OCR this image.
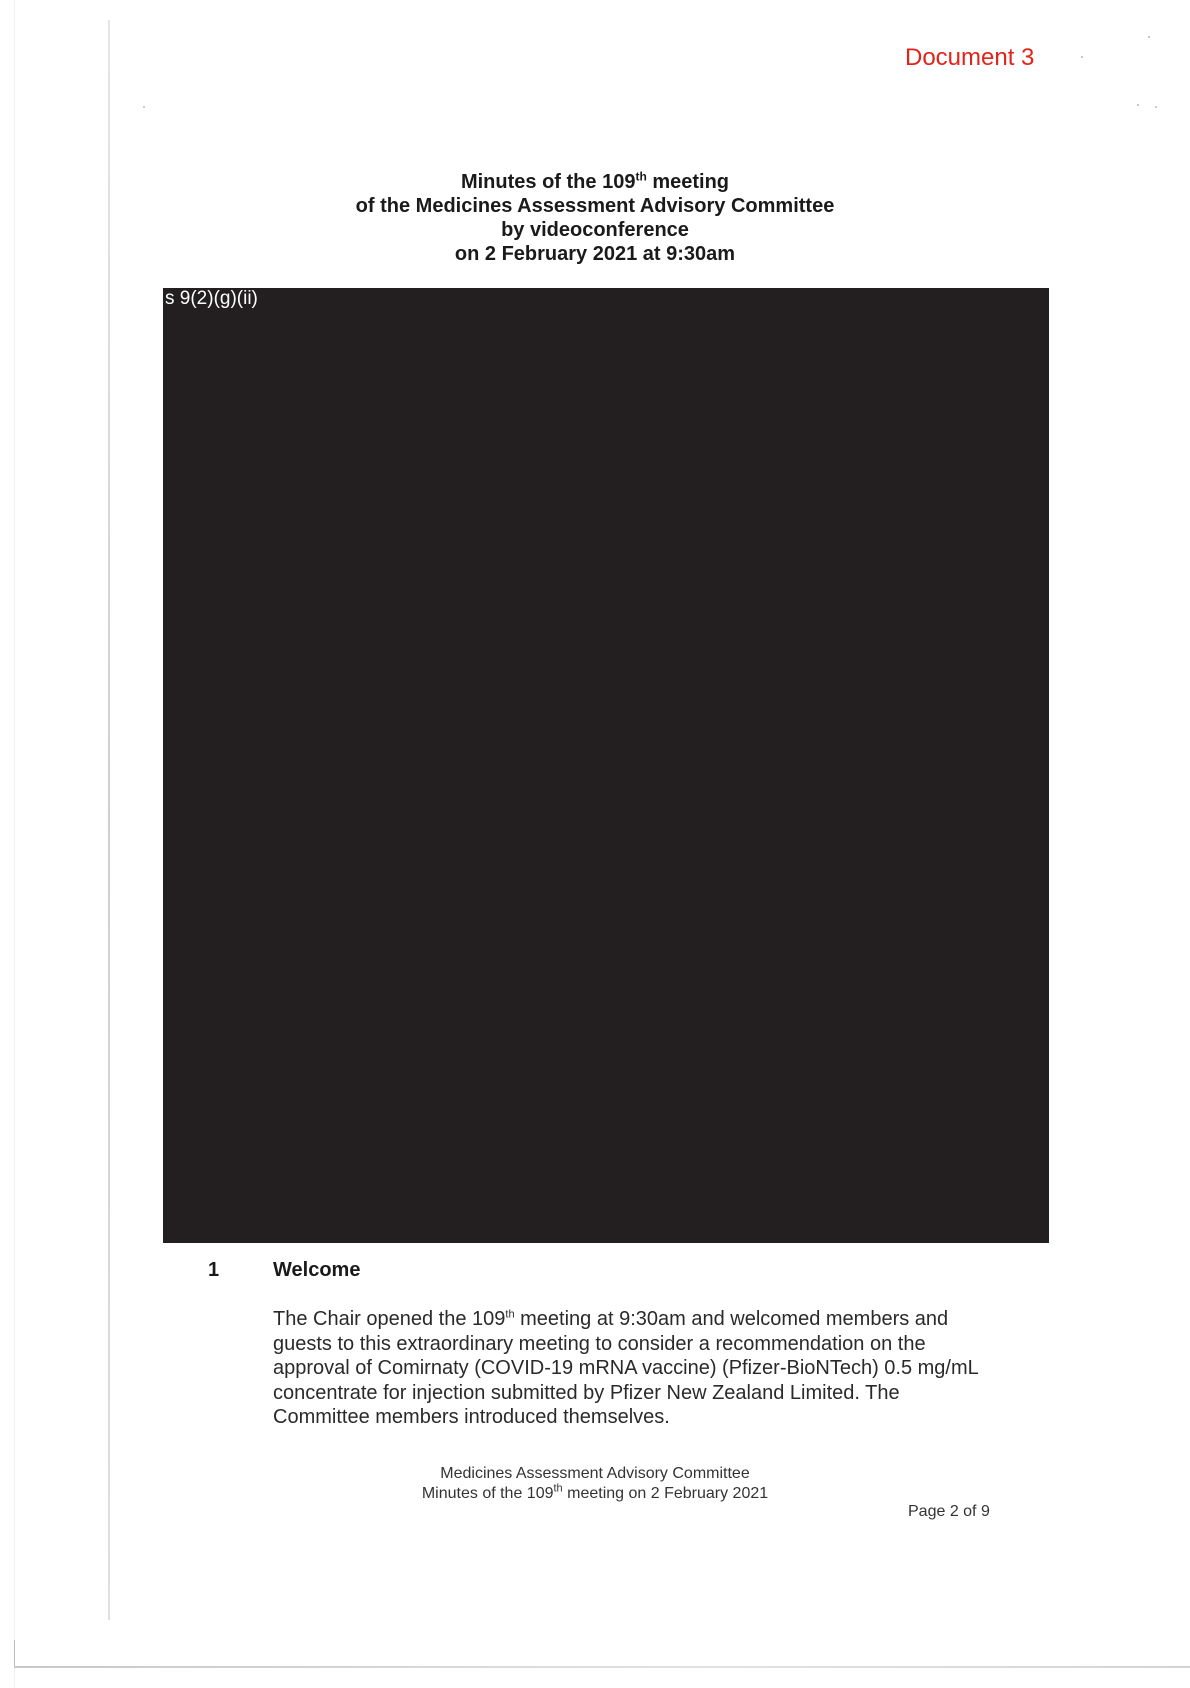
Document 3
Minutes of the 109th meeting
of the Medicines Assessment Advisory Committee
by videoconference
on 2 February 2021 at 9:30am
s 9(2)(g)(ii)
1	Welcome
The Chair opened the 109th meeting at 9:30am and welcomed members and guests to this extraordinary meeting to consider a recommendation on the approval of Comirnaty (COVID-19 mRNA vaccine) (Pfizer-BioNTech) 0.5 mg/mL concentrate for injection submitted by Pfizer New Zealand Limited. The Committee members introduced themselves.
Medicines Assessment Advisory Committee
Minutes of the 109th meeting on 2 February 2021
Page 2 of 9
